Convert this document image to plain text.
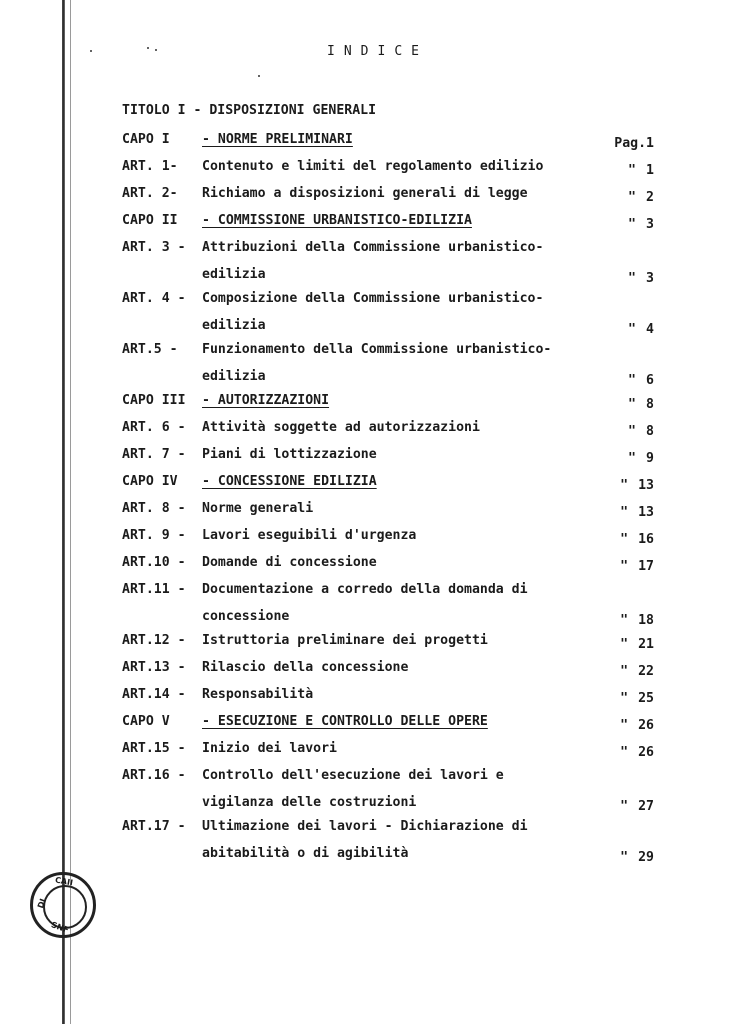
INDICE
TITOLO I - DISPOSIZIONI GENERALI
CAPO I - NORME PRELIMINARI	Pag.1
ART. 1- Contenuto e limiti del regolamento edilizio	" 1
ART. 2- Richiamo a disposizioni generali di legge	" 2
CAPO II - COMMISSIONE URBANISTICO-EDILIZIA	" 3
ART. 3 - Attribuzioni della Commissione urbanistico-
edilizia	" 3
ART. 4 - Composizione della Commissione urbanistico-
edilizia	" 4
ART.5 - Funzionamento della Commissione urbanistico-
edilizia	" 6
CAPO III - AUTORIZZAZIONI	" 8
ART. 6 - Attività soggette ad autorizzazioni	" 8
ART. 7 - Piani di lottizzazione	" 9
CAPO IV - CONCESSIONE EDILIZIA	" 13
ART. 8 - Norme generali	" 13
ART. 9 - Lavori eseguibili d'urgenza	" 16
ART.10 - Domande di concessione	" 17
ART.11 - Documentazione a corredo della domanda di
concessione	" 18
ART.12 - Istruttoria preliminare dei progetti	" 21
ART.13 - Rilascio della concessione	" 22
ART.14 - Responsabilità	" 25
CAPO V - ESECUZIONE E CONTROLLO DELLE OPERE	" 26
ART.15 - Inizio dei lavori	" 26
ART.16 - Controllo dell'esecuzione dei lavori e
vigilanza delle costruzioni	" 27
ART.17 - Ultimazione dei lavori - Dichiarazione di
abitabilità o di agibilità	" 29
DI
CAII
SNF
